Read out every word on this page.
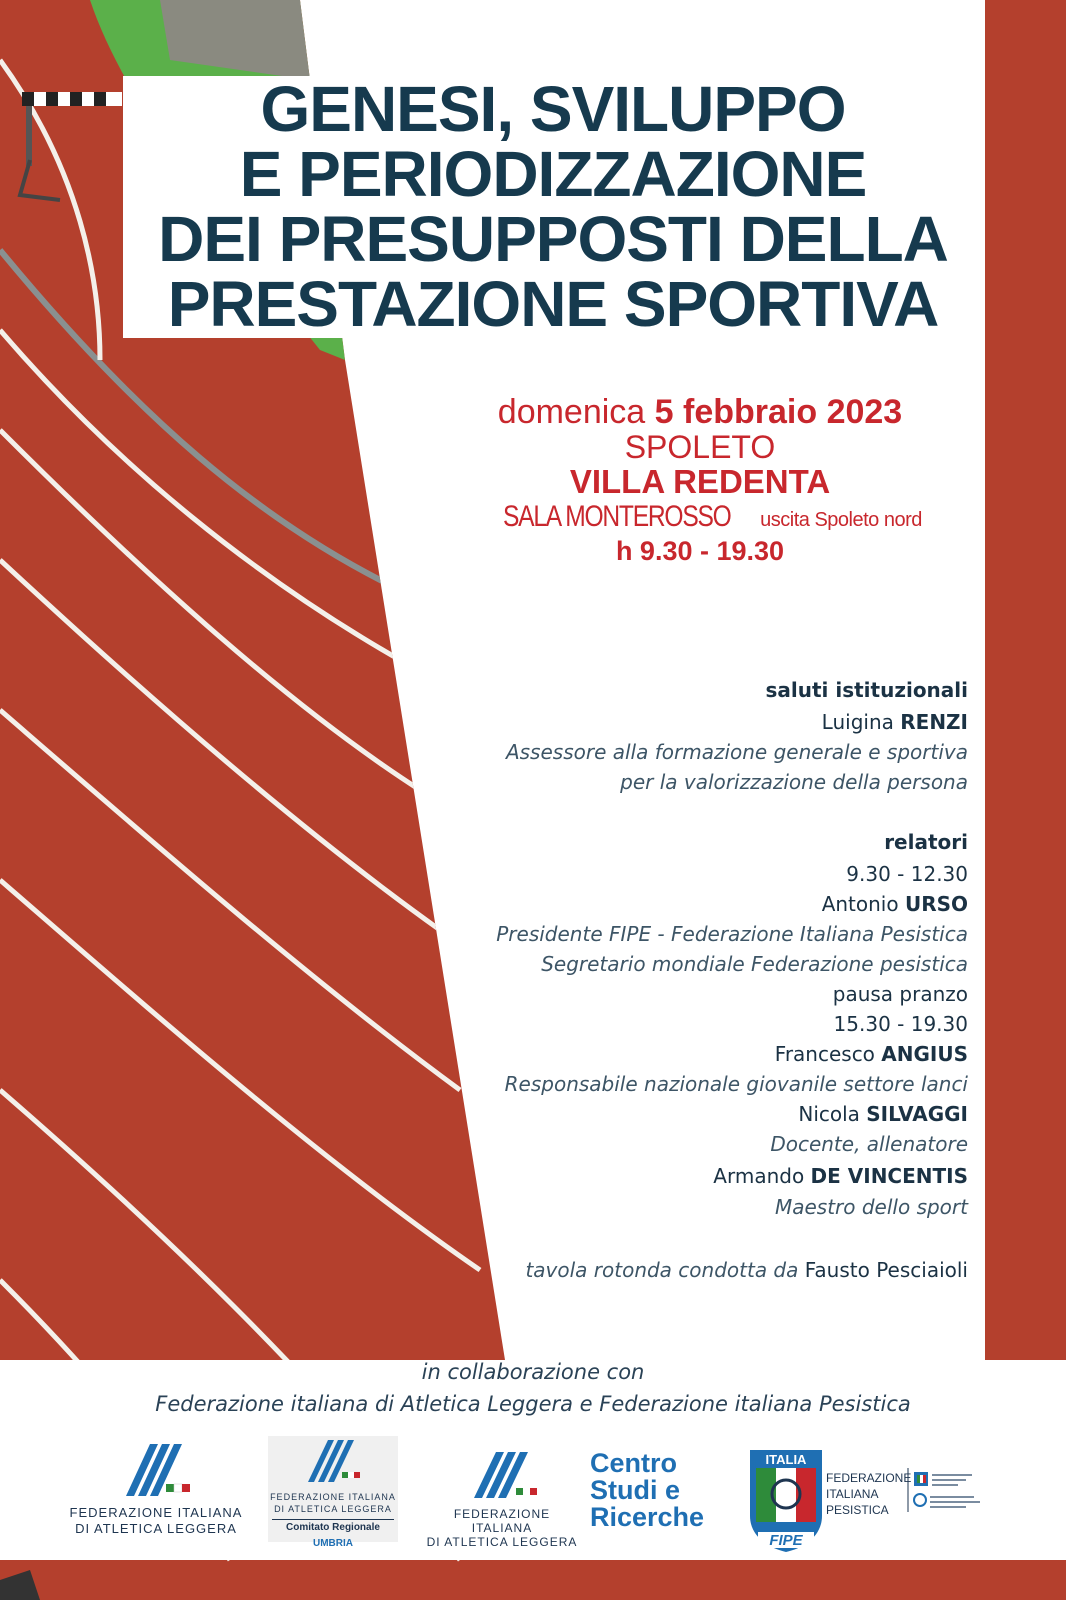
GENESI, SVILUPPO
E PERIODIZZAZIONE
DEI PRESUPPOSTI DELLA
PRESTAZIONE SPORTIVA
domenica 5 febbraio 2023
SPOLETO
VILLA REDENTA
SALA MONTEROSSO uscita Spoleto nord
h 9.30 - 19.30
saluti istituzionali
Luigina RENZI
Assessore alla formazione generale e sportiva
per la valorizzazione della persona
relatori
9.30 - 12.30
Antonio URSO
Presidente FIPE - Federazione Italiana Pesistica
Segretario mondiale Federazione pesistica
pausa pranzo
15.30 - 19.30
Francesco ANGIUS
Responsabile nazionale giovanile settore lanci
Nicola SILVAGGI
Docente, allenatore
Armando DE VINCENTIS
Maestro dello sport
tavola rotonda condotta da Fausto Pesciaioli
in collaborazione con
Federazione italiana di Atletica Leggera e Federazione italiana Pesistica
FEDERAZIONE ITALIANA
DI ATLETICA LEGGERA
FEDERAZIONE ITALIANA
DI ATLETICA LEGGERA
Comitato Regionale UMBRIA
FEDERAZIONE ITALIANA
DI ATLETICA LEGGERA
Centro
Studi e
Ricerche
ITALIA
FIPE
FEDERAZIONE
ITALIANA
PESISTICA
